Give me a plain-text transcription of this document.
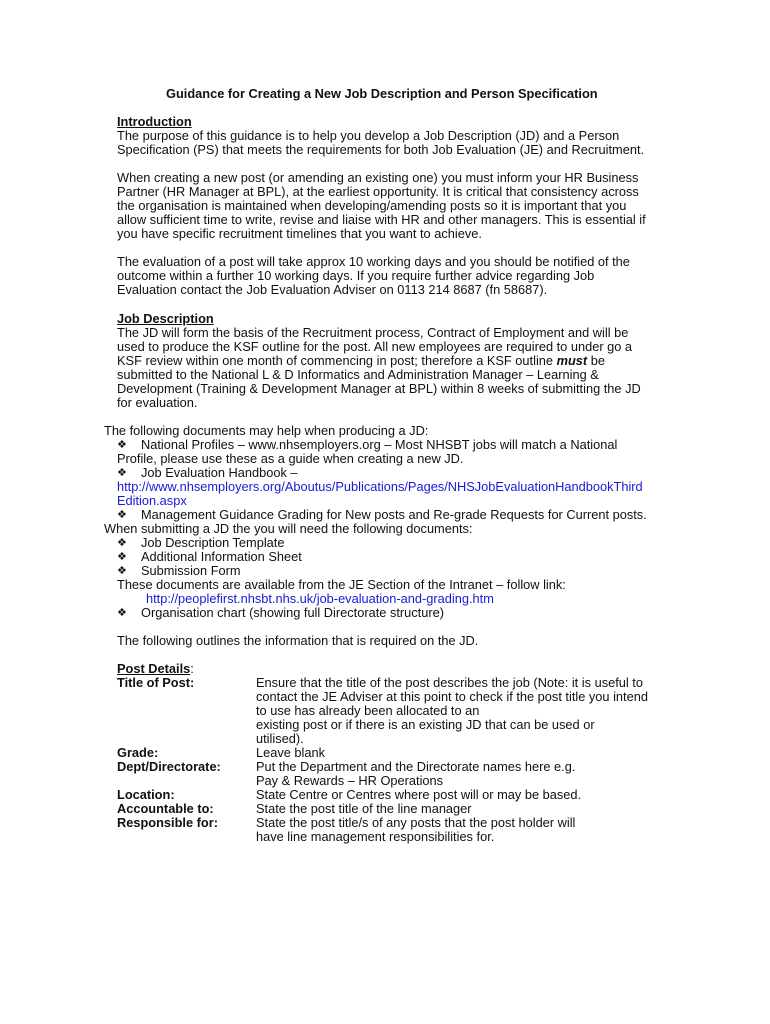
Guidance for Creating a New Job Description and Person Specification
Introduction
The purpose of this guidance is to help you develop a Job Description (JD) and a Person
Specification (PS) that meets the requirements for both Job Evaluation (JE) and Recruitment.
When creating a new post (or amending an existing one) you must inform your HR Business
Partner (HR Manager at BPL), at the earliest opportunity. It is critical that consistency across
the organisation is maintained when developing/amending posts so it is important that you
allow sufficient time to write, revise and liaise with HR and other managers. This is essential if
you have specific recruitment timelines that you want to achieve.
The evaluation of a post will take approx 10 working days and you should be notified of the
outcome within a further 10 working days. If you require further advice regarding Job
Evaluation contact the Job Evaluation Adviser on 0113 214 8687 (fn 58687).
Job Description
The JD will form the basis of the Recruitment process, Contract of Employment and will be
used to produce the KSF outline for the post. All new employees are required to under go a
KSF review within one month of commencing in post; therefore a KSF outline must be
submitted to the National L & D Informatics and Administration Manager – Learning &
Development (Training & Development Manager at BPL) within 8 weeks of submitting the JD
for evaluation.
The following documents may help when producing a JD:
❖ National Profiles – www.nhsemployers.org – Most NHSBT jobs will match a National
Profile, please use these as a guide when creating a new JD.
❖ Job Evaluation Handbook –
http://www.nhsemployers.org/Aboutus/Publications/Pages/NHSJobEvaluationHandbookThird
Edition.aspx
❖ Management Guidance Grading for New posts and Re-grade Requests for Current posts.
When submitting a JD the you will need the following documents:
❖ Job Description Template
❖ Additional Information Sheet
❖ Submission Form
These documents are available from the JE Section of the Intranet – follow link:
http://peoplefirst.nhsbt.nhs.uk/job-evaluation-and-grading.htm
❖ Organisation chart (showing full Directorate structure)
The following outlines the information that is required on the JD.
Post Details:
Title of Post:	Ensure that the title of the post describes the job (Note: it is useful to
contact the JE Adviser at this point to check if the post title you intend
to use has already been allocated to an
existing post or if there is an existing JD that can be used or
utilised).
Grade:	Leave blank
Dept/Directorate:	Put the Department and the Directorate names here e.g.
Pay & Rewards – HR Operations
Location:	State Centre or Centres where post will or may be based.
Accountable to:	State the post title of the line manager
Responsible for:	State the post title/s of any posts that the post holder will
have line management responsibilities for.
